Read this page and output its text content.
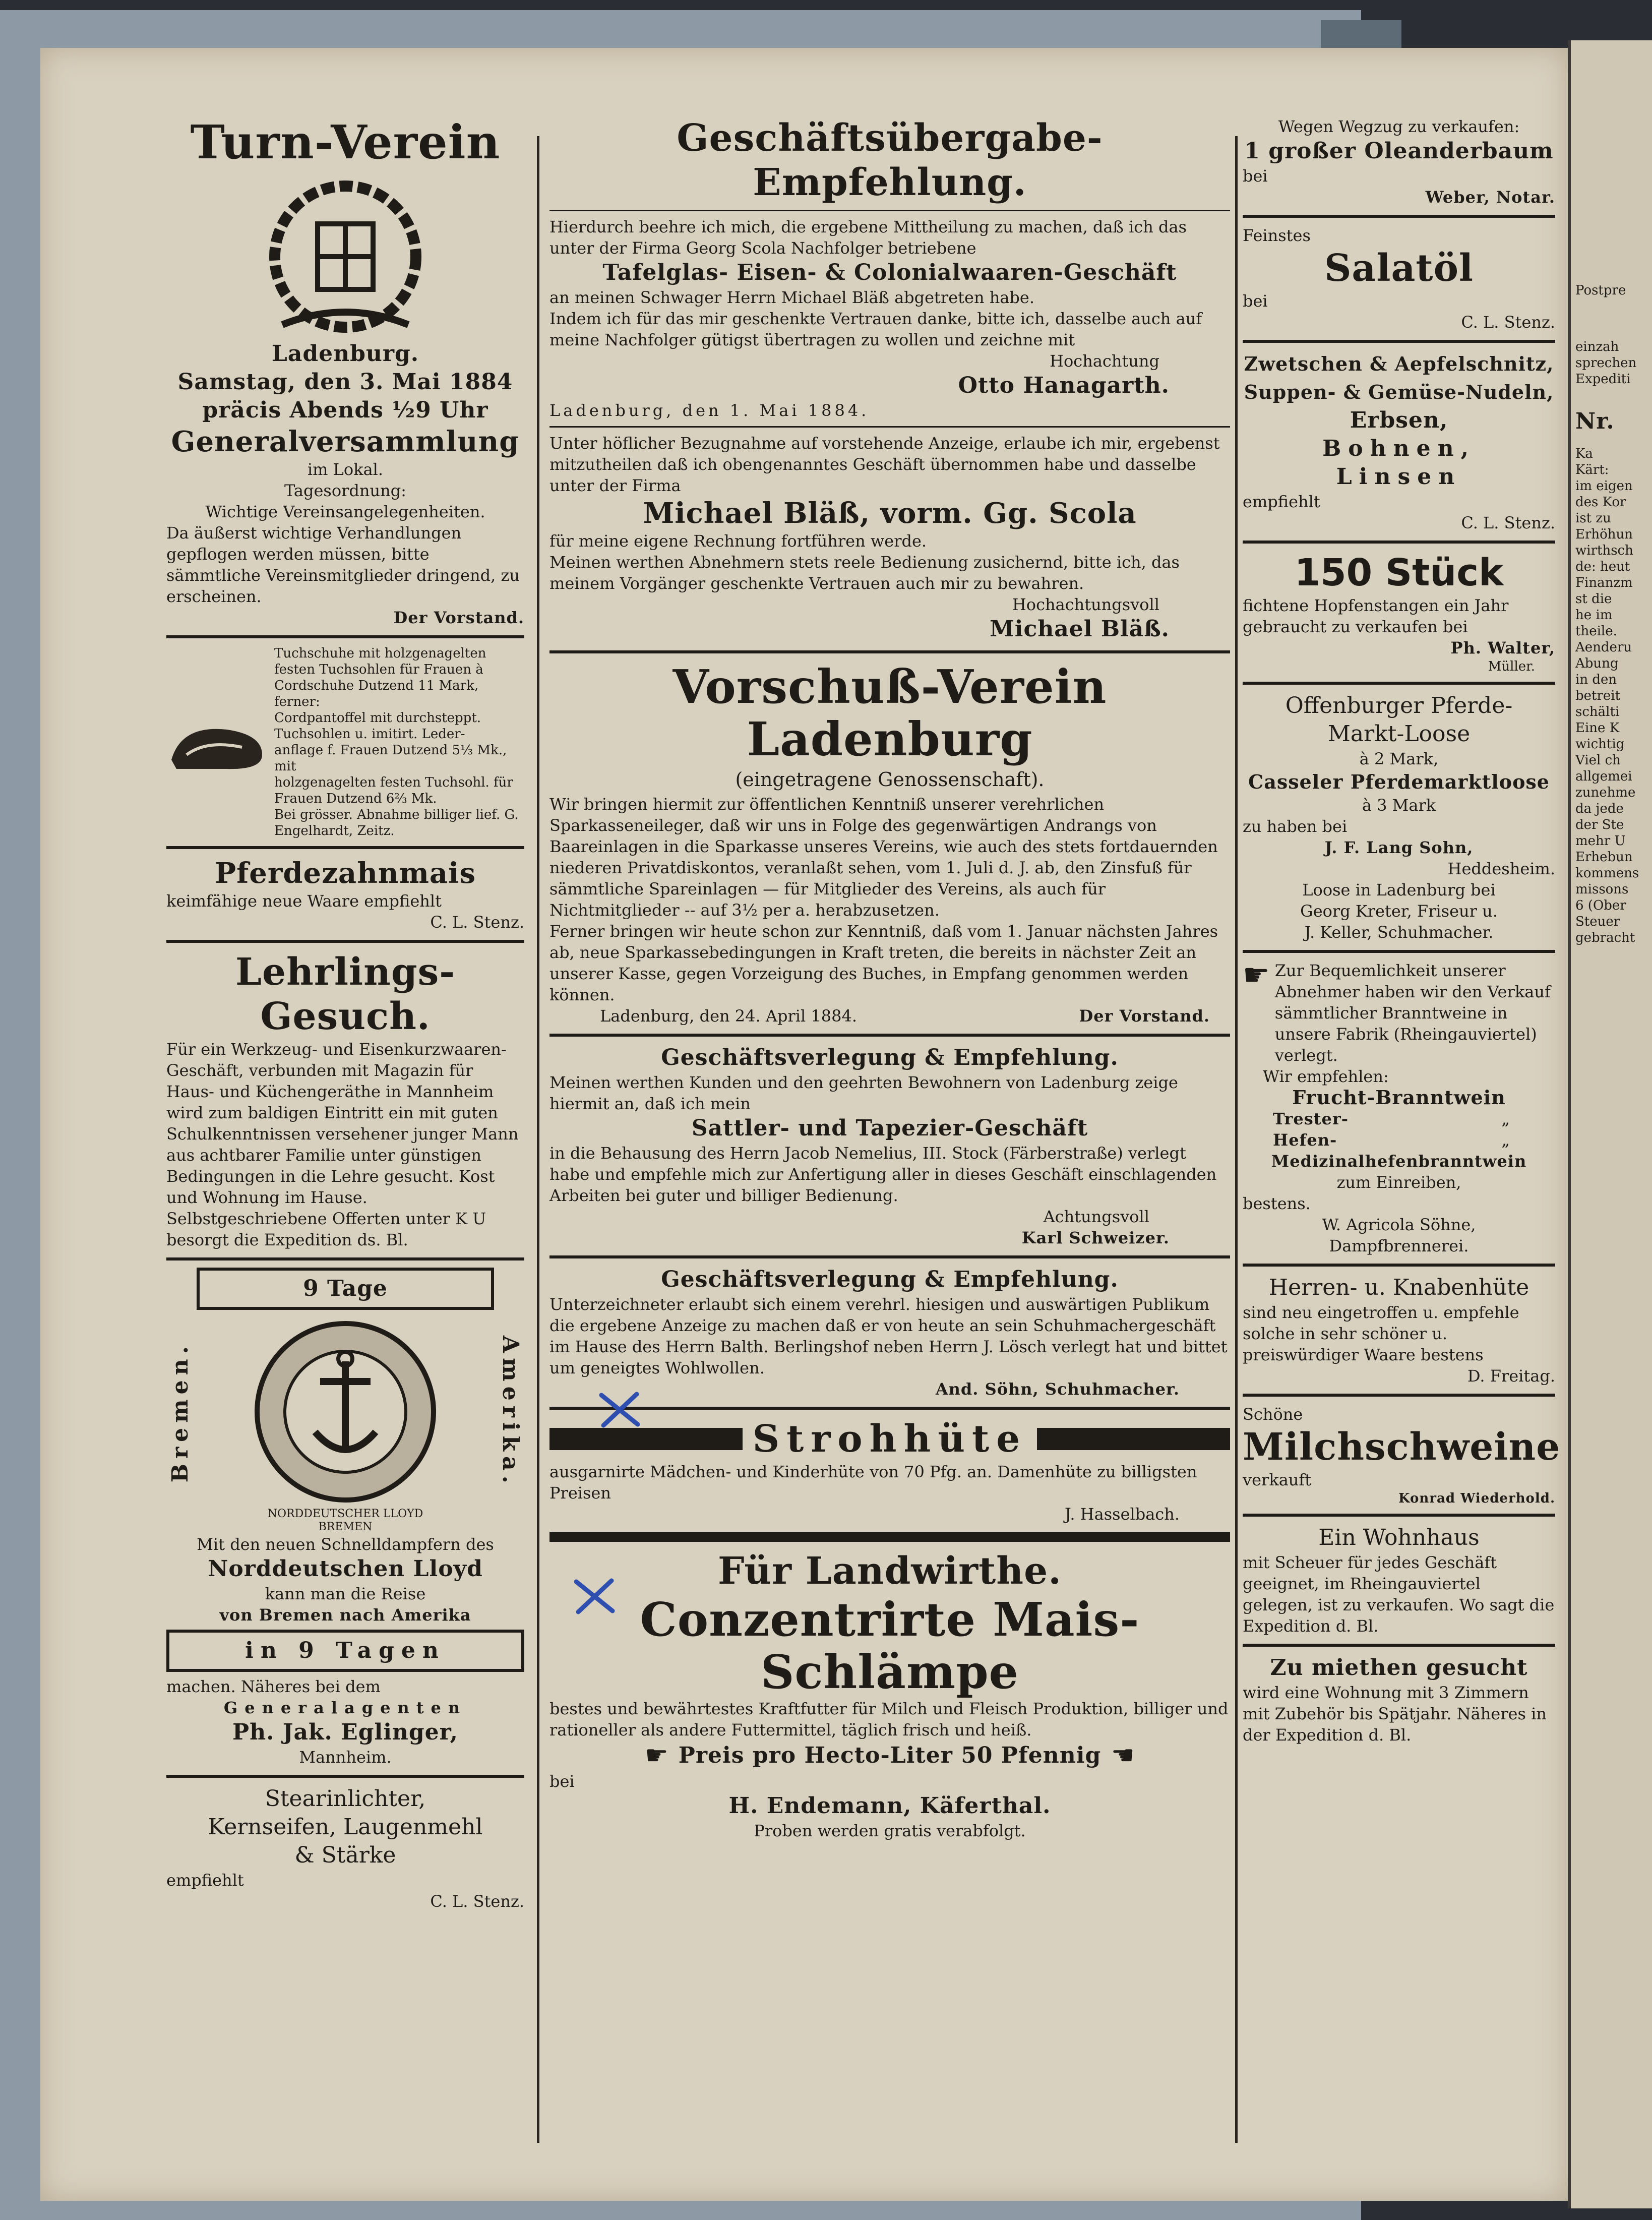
Turn-Verein
Ladenburg.
Samstag, den 3. Mai 1884
präcis Abends ½9 Uhr
Generalversammlung
im Lokal.
Tagesordnung:
Wichtige Vereinsangelegenheiten.
Da äußerst wichtige Verhandlungen gepflogen werden müssen, bitte sämmtliche Vereinsmitglieder dringend, zu erscheinen.
Der Vorstand.
Tuchschuhe mit holzgenagelten festen Tuchsohlen für Frauen à
Cordschuhe Dutzend 11 Mark, ferner:
Cordpantoffel mit durchsteppt. Tuchsohlen u. imitirt. Leder-
anflage f. Frauen Dutzend 5⅓ Mk., mit
holzgenagelten festen Tuchsohl. für Frauen Dutzend 6⅔ Mk.
Bei grösser. Abnahme billiger lief. G. Engelhardt, Zeitz.
Pferdezahnmais
keimfähige neue Waare empfiehlt
C. L. Stenz.
Lehrlings-Gesuch.
Für ein Werkzeug- und Eisenkurzwaaren-Geschäft, verbunden mit Magazin für Haus- und Küchengeräthe in Mannheim wird zum baldigen Eintritt ein mit guten Schulkenntnissen versehener junger Mann aus achtbarer Familie unter günstigen Bedingungen in die Lehre gesucht. Kost und Wohnung im Hause. Selbstgeschriebene Offerten unter K U besorgt die Expedition ds. Bl.
9 Tage
Bremen.	Amerika.
NORDDEUTSCHER LLOYD
BREMEN
Mit den neuen Schnelldampfern des
Norddeutschen Lloyd
kann man die Reise
von Bremen nach Amerika
in 9 Tagen
machen. Näheres bei dem
Generalagenten
Ph. Jak. Eglinger,
Mannheim.
Stearinlichter,
Kernseifen, Laugenmehl
& Stärke
empfiehlt
C. L. Stenz.
Geschäftsübergabe-Empfehlung.
Hierdurch beehre ich mich, die ergebene Mittheilung zu machen, daß ich das unter der Firma Georg Scola Nachfolger betriebene
Tafelglas- Eisen- & Colonialwaaren-Geschäft
an meinen Schwager Herrn Michael Bläß abgetreten habe.
Indem ich für das mir geschenkte Vertrauen danke, bitte ich, dasselbe auch auf meine Nachfolger gütigst übertragen zu wollen und zeichne mit
Hochachtung
Otto Hanagarth.
Ladenburg, den 1. Mai 1884.
Unter höflicher Bezugnahme auf vorstehende Anzeige, erlaube ich mir, ergebenst mitzutheilen daß ich obengenanntes Geschäft übernommen habe und dasselbe unter der Firma
Michael Bläß, vorm. Gg. Scola
für meine eigene Rechnung fortführen werde.
Meinen werthen Abnehmern stets reele Bedienung zusichernd, bitte ich, das meinem Vorgänger geschenkte Vertrauen auch mir zu bewahren.
Hochachtungsvoll
Michael Bläß.
Vorschuß-Verein Ladenburg
(eingetragene Genossenschaft).
Wir bringen hiermit zur öffentlichen Kenntniß unserer verehrlichen Sparkasseneileger, daß wir uns in Folge des gegenwärtigen Andrangs von Baareinlagen in die Sparkasse unseres Vereins, wie auch des stets fortdauernden niederen Privatdiskontos, veranlaßt sehen, vom 1. Juli d. J. ab, den Zinsfuß für sämmtliche Spareinlagen — für Mitglieder des Vereins, als auch für Nichtmitglieder -- auf 3½ per a. herabzusetzen.
Ferner bringen wir heute schon zur Kenntniß, daß vom 1. Januar nächsten Jahres ab, neue Sparkassebedingungen in Kraft treten, die bereits in nächster Zeit an unserer Kasse, gegen Vorzeigung des Buches, in Empfang genommen werden können.
Ladenburg, den 24. April 1884.	Der Vorstand.
Geschäftsverlegung & Empfehlung.
Meinen werthen Kunden und den geehrten Bewohnern von Ladenburg zeige hiermit an, daß ich mein
Sattler- und Tapezier-Geschäft
in die Behausung des Herrn Jacob Nemelius, III. Stock (Färberstraße) verlegt habe und empfehle mich zur Anfertigung aller in dieses Geschäft einschlagenden Arbeiten bei guter und billiger Bedienung.
Achtungsvoll
Karl Schweizer.
Geschäftsverlegung & Empfehlung.
Unterzeichneter erlaubt sich einem verehrl. hiesigen und auswärtigen Publikum die ergebene Anzeige zu machen daß er von heute an sein Schuhmachergeschäft im Hause des Herrn Balth. Berlingshof neben Herrn J. Lösch verlegt hat und bittet um geneigtes Wohlwollen.
And. Söhn, Schuhmacher.
Strohhüte
ausgarnirte Mädchen- und Kinderhüte von 70 Pfg. an. Damenhüte zu billigsten Preisen
J. Hasselbach.
Für Landwirthe.
Conzentrirte Mais-Schlämpe
bestes und bewährtestes Kraftfutter für Milch und Fleisch Produktion, billiger und rationeller als andere Futtermittel, täglich frisch und heiß.
☛ Preis pro Hecto-Liter 50 Pfennig ☛
bei
H. Endemann, Käferthal.
Proben werden gratis verabfolgt.
Wegen Wegzug zu verkaufen:
1 großer Oleanderbaum
bei
Weber, Notar.
Feinstes
Salatöl
bei
C. L. Stenz.
Zwetschen & Aepfelschnitz,
Suppen- & Gemüse-Nudeln,
Erbsen,
Bohnen,
Linsen
empfiehlt
C. L. Stenz.
150 Stück
fichtene Hopfenstangen ein Jahr gebraucht zu verkaufen bei
Ph. Walter,
Müller.
Offenburger Pferde-
Markt-Loose
à 2 Mark,
Casseler Pferdemarktloose
à 3 Mark
zu haben bei
J. F. Lang Sohn,
Heddesheim.
Loose in Ladenburg bei
Georg Kreter, Friseur u.
J. Keller, Schuhmacher.
☛ Zur Bequemlichkeit unserer Abnehmer haben wir den Verkauf sämmtlicher Branntweine in unsere Fabrik (Rheingauviertel) verlegt.
Wir empfehlen:
Frucht-Branntwein
Trester-	„
Hefen-	„
Medizinalhefenbranntwein
zum Einreiben,
bestens.
W. Agricola Söhne,
Dampfbrennerei.
Herren- u. Knabenhüte
sind neu eingetroffen u. empfehle solche in sehr schöner u. preiswürdiger Waare bestens
D. Freitag.
Schöne
Milchschweine
verkauft
Konrad Wiederhold.
Ein Wohnhaus
mit Scheuer für jedes Geschäft geeignet, im Rheingauviertel gelegen, ist zu verkaufen. Wo sagt die Expedition d. Bl.
Zu miethen gesucht
wird eine Wohnung mit 3 Zimmern mit Zubehör bis Spätjahr. Näheres in der Expedition d. Bl.
Postpre
einzah
sprechen
Expediti
Nr.
Ka
Kärt:
im eigen
des Kor
ist zu
Erhöhun
wirthsch
de: heut
Finanzm
st die
he im
theile.
Aenderu
Abung
in den
betreit
schälti
Eine K
wichtig
Viel ch
allgemei
zunehme
da jede
der Ste
mehr U
Erhebun
kommens
missons
6 (Ober
Steuer
gebracht
